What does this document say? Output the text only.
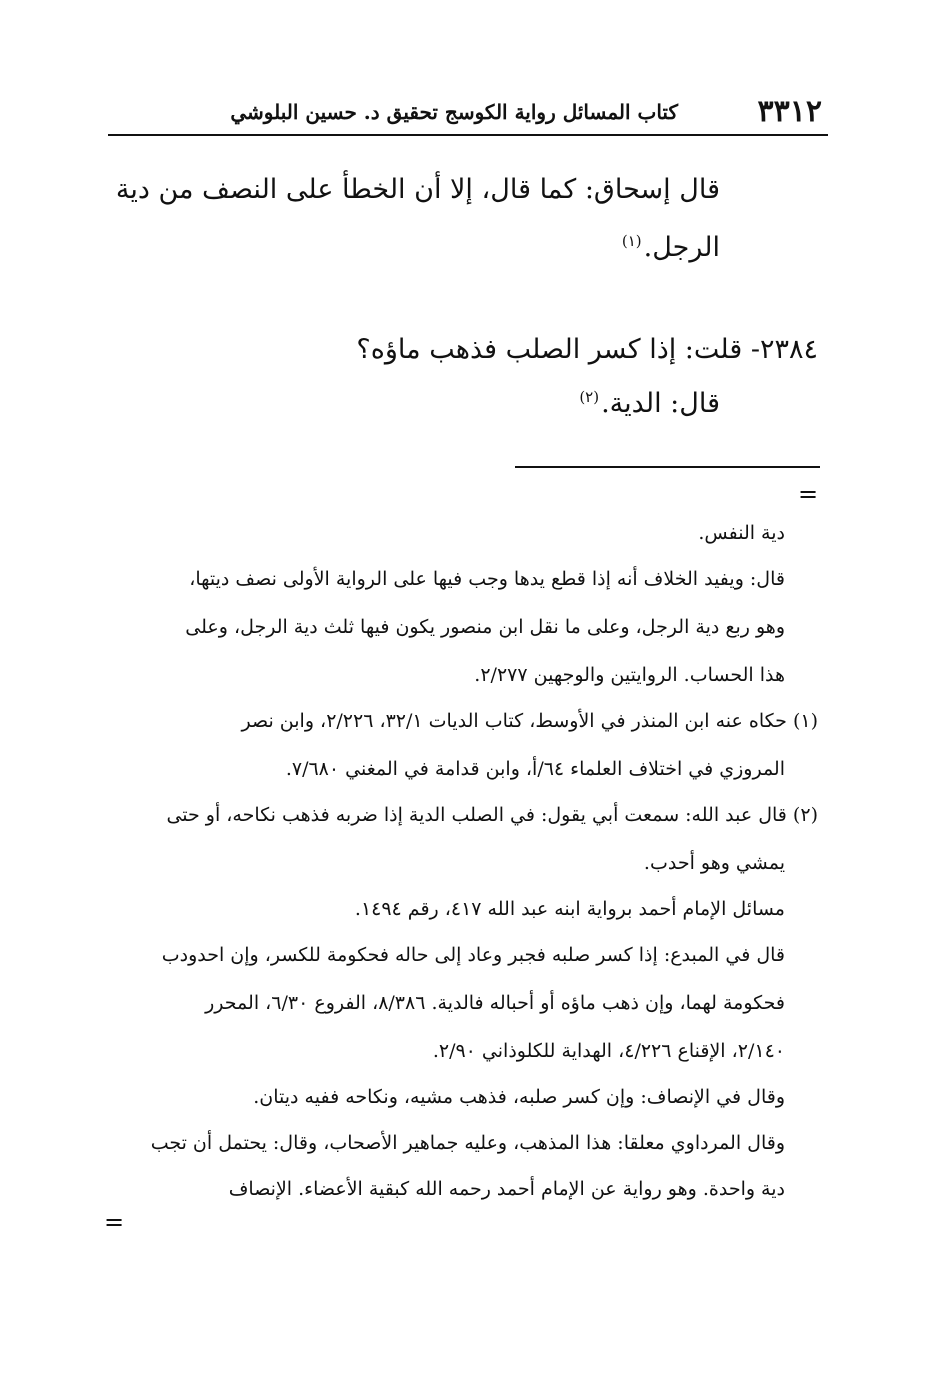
٣٣١٢
كتاب المسائل رواية الكوسج تحقيق د. حسين البلوشي
قال إسحاق: كما قال، إلا أن الخطأ على النصف من دية
الرجل.$^{(١)}$
٢٣٨٤- قلت: إذا كسر الصلب فذهب ماؤه؟
قال: الدية.$^{(٢)}$
=
دية النفس.
قال: ويفيد الخلاف أنه إذا قطع يدها وجب فيها على الرواية الأولى نصف ديتها،
وهو ربع دية الرجل، وعلى ما نقل ابن منصور يكون فيها ثلث دية الرجل، وعلى
هذا الحساب. الروايتين والوجهين ٢/٢٧٧.
(١) حكاه عنه ابن المنذر في الأوسط، كتاب الديات ٣٢/١، ٢/٢٢٦، وابن نصر
المروزي في اختلاف العلماء ٦٤/أ، وابن قدامة في المغني ٧/٦٨٠.
(٢) قال عبد الله: سمعت أبي يقول: في الصلب الدية إذا ضربه فذهب نكاحه، أو حتى
يمشي وهو أحدب.
مسائل الإمام أحمد برواية ابنه عبد الله ٤١٧، رقم ١٤٩٤.
قال في المبدع: إذا كسر صلبه فجبر وعاد إلى حاله فحكومة للكسر، وإن احدودب
فحكومة لهما، وإن ذهب ماؤه أو أحباله فالدية. ٨/٣٨٦، الفروع ٦/٣٠، المحرر
٢/١٤٠، الإقناع ٤/٢٢٦، الهداية للكلوذاني ٢/٩٠.
وقال في الإنصاف: وإن كسر صلبه، فذهب مشيه، ونكاحه ففيه ديتان.
وقال المرداوي معلقا: هذا المذهب، وعليه جماهير الأصحاب، وقال: يحتمل أن تجب
دية واحدة. وهو رواية عن الإمام أحمد رحمه الله كبقية الأعضاء. الإنصاف
=
